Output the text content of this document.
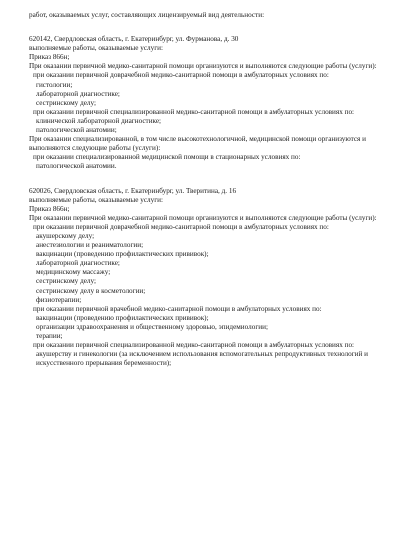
работ, оказываемых услуг, составляющих лицензируемый вид деятельности:
620142, Свердловская область, г. Екатеринбург, ул. Фурманова, д. 30
выполняемые работы, оказываемые услуги:
Приказ 866н;
При оказании первичной медико-санитарной помощи организуются и выполняются следующие работы (услуги):
при оказании первичной доврачебной медико-санитарной помощи в амбулаторных условиях по:
гистологии;
лабораторной диагностике;
сестринскому делу;
при оказании первичной специализированной медико-санитарной помощи в амбулаторных условиях по:
клинической лабораторной диагностике;
патологической анатомии;
При оказании специализированной, в том числе высокотехнологичной, медицинской помощи организуются и выполняются следующие работы (услуги):
при оказании специализированной медицинской помощи в стационарных условиях по:
патологической анатомии.
620026, Свердловская область, г. Екатеринбург, ул. Тверитина, д. 16
выполняемые работы, оказываемые услуги:
Приказ 866н;
При оказании первичной медико-санитарной помощи организуются и выполняются следующие работы (услуги):
при оказании первичной доврачебной медико-санитарной помощи в амбулаторных условиях по:
акушерскому делу;
анестезиологии и реаниматологии;
вакцинации (проведению профилактических прививок);
лабораторной диагностике;
медицинскому массажу;
сестринскому делу;
сестринскому делу в косметологии;
физиотерапии;
при оказании первичной врачебной медико-санитарной помощи в амбулаторных условиях по:
вакцинации (проведению профилактических прививок);
организации здравоохранения и общественному здоровью, эпидемиологии;
терапии;
при оказании первичной специализированной медико-санитарной помощи в амбулаторных условиях по:
акушерству и гинекологии (за исключением использования вспомогательных репродуктивных технологий и искусственного прерывания беременности);
